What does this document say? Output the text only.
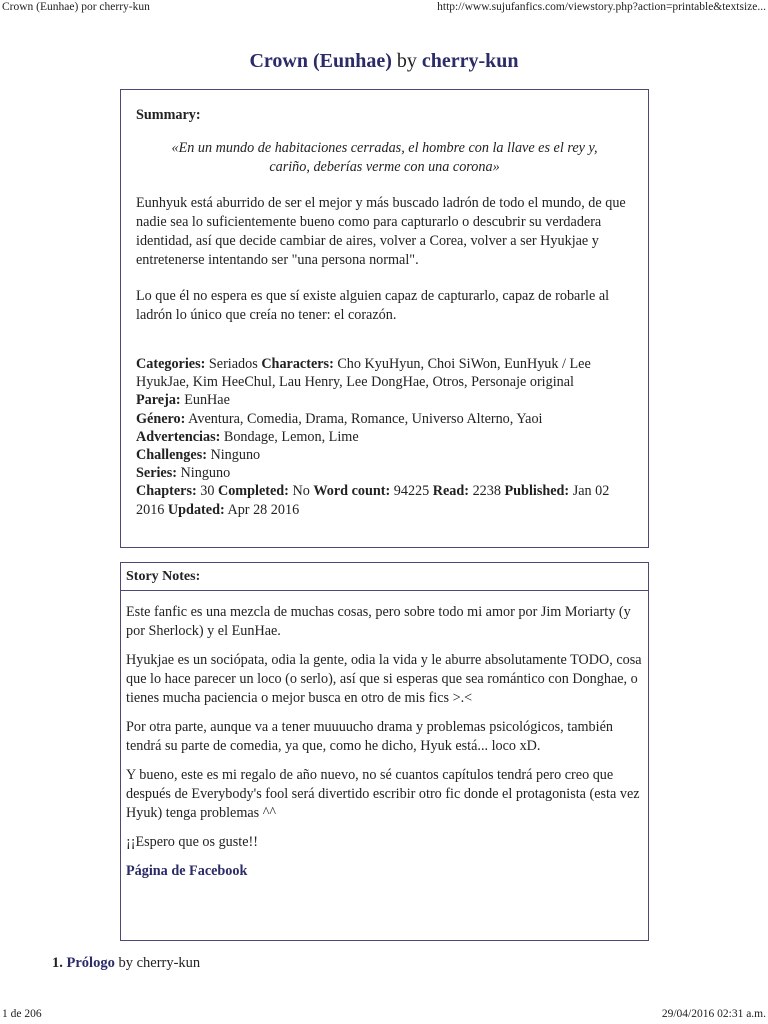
Crown (Eunhae) por cherry-kun	http://www.sujufanfics.com/viewstory.php?action=printable&textsize...
Crown (Eunhae) by cherry-kun
Summary:
«En un mundo de habitaciones cerradas, el hombre con la llave es el rey y,
cariño, deberías verme con una corona»
Eunhyuk está aburrido de ser el mejor y más buscado ladrón de todo el mundo, de que nadie sea lo suficientemente bueno como para capturarlo o descubrir su verdadera identidad, así que decide cambiar de aires, volver a Corea, volver a ser Hyukjae y entretenerse intentando ser "una persona normal".
Lo que él no espera es que sí existe alguien capaz de capturarlo, capaz de robarle al ladrón lo único que creía no tener: el corazón.
Categories: Seriados Characters: Cho KyuHyun, Choi SiWon, EunHyuk / Lee HyukJae, Kim HeeChul, Lau Henry, Lee DongHae, Otros, Personaje original
Pareja: EunHae
Género: Aventura, Comedia, Drama, Romance, Universo Alterno, Yaoi
Advertencias: Bondage, Lemon, Lime
Challenges: Ninguno
Series: Ninguno
Chapters: 30 Completed: No Word count: 94225 Read: 2238 Published: Jan 02 2016 Updated: Apr 28 2016
Story Notes:

Este fanfic es una mezcla de muchas cosas, pero sobre todo mi amor por Jim Moriarty (y por Sherlock) y el EunHae.

Hyukjae es un sociópata, odia la gente, odia la vida y le aburre absolutamente TODO, cosa que lo hace parecer un loco (o serlo), así que si esperas que sea romántico con Donghae, o tienes mucha paciencia o mejor busca en otro de mis fics >.<

Por otra parte, aunque va a tener muuuucho drama y problemas psicológicos, también tendrá su parte de comedia, ya que, como he dicho, Hyuk está... loco xD.

Y bueno, este es mi regalo de año nuevo, no sé cuantos capítulos tendrá pero creo que después de Everybody's fool será divertido escribir otro fic donde el protagonista (esta vez Hyuk) tenga problemas ^^

¡¡Espero que os guste!!

Página de Facebook

1. Prólogo by cherry-kun
1 de 206	29/04/2016 02:31 a.m.
